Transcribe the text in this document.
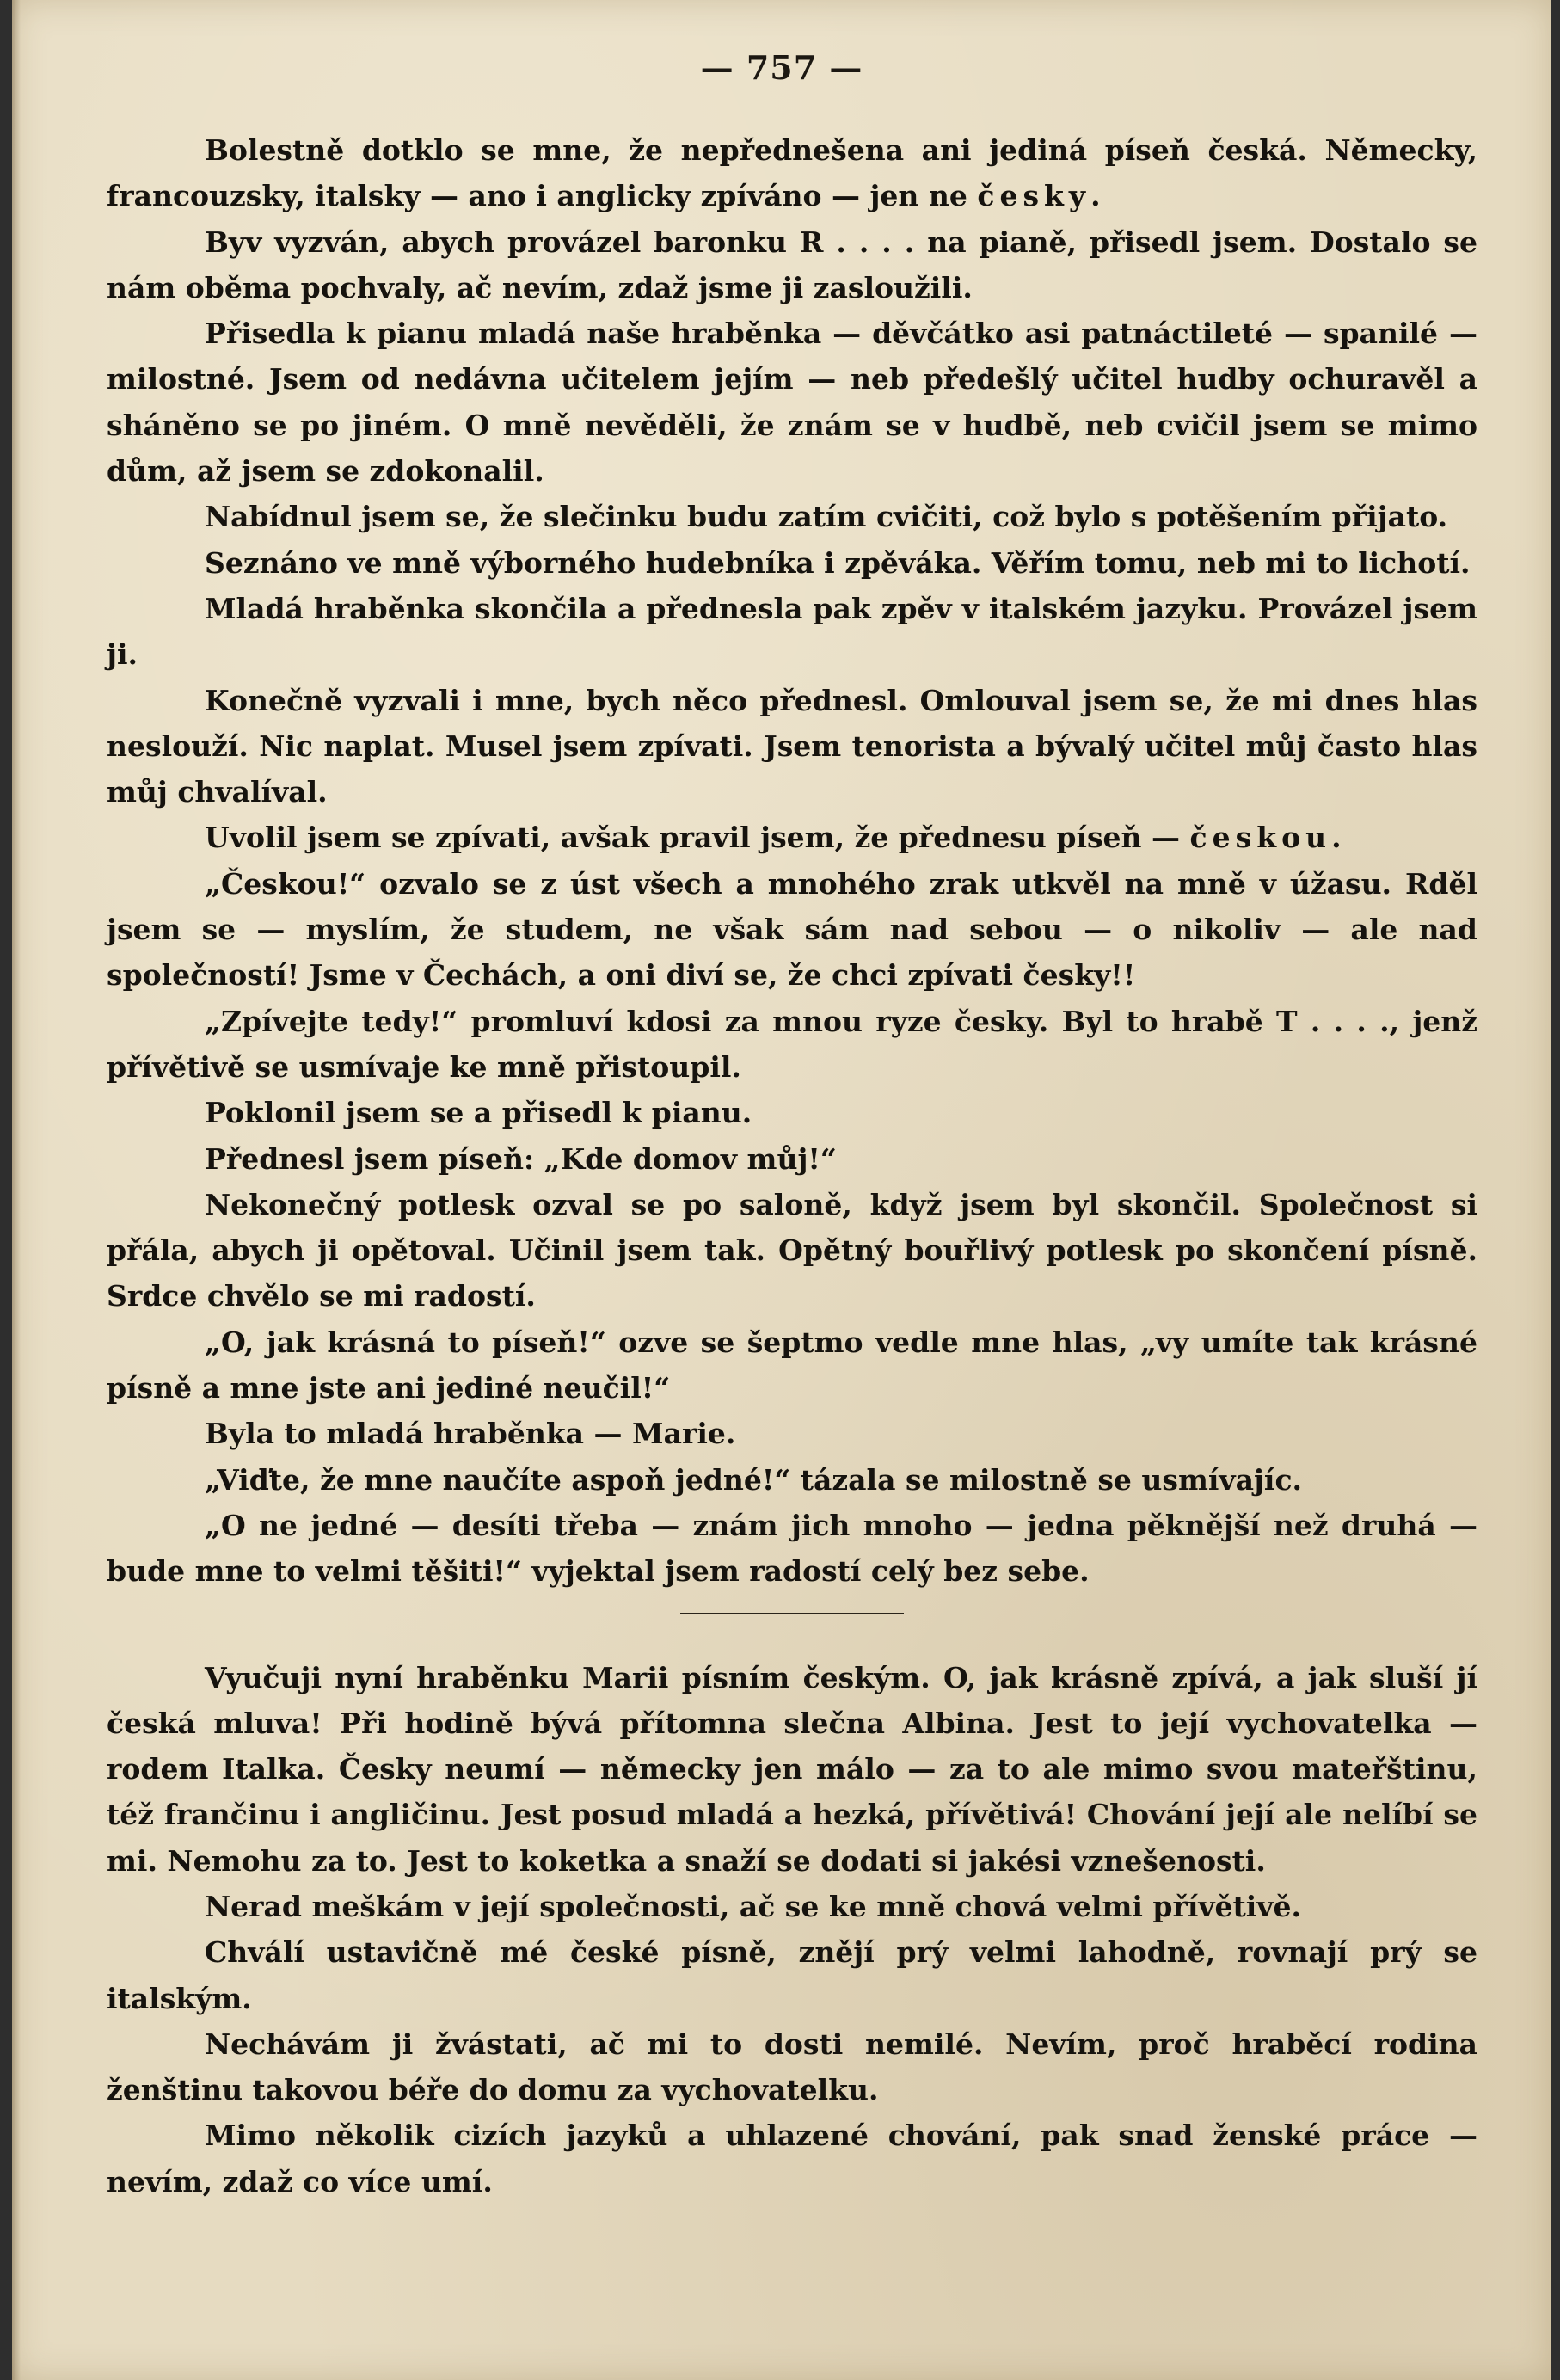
— 757 —

Bolestně dotklo se mne, že nepřednešena ani jediná píseň česká. Německy, francouzsky, italsky — ano i anglicky zpíváno — jen ne česky.

Byv vyzván, abych provázel baronku R . . . . na pianě, přisedl jsem. Dostalo se nám oběma pochvaly, ač nevím, zdaž jsme ji zasloužili.

Přisedla k pianu mladá naše hraběnka — děvčátko asi patnáctileté — spanilé — milostné. Jsem od nedávna učitelem jejím — neb předešlý učitel hudby ochuravěl a sháněno se po jiném. O mně nevěděli, že znám se v hudbě, neb cvičil jsem se mimo dům, až jsem se zdokonalil.

Nabídnul jsem se, že slečinku budu zatím cvičiti, což bylo s potěšením přijato.

Seznáno ve mně výborného hudebníka i zpěváka. Věřím tomu, neb mi to lichotí.

Mladá hraběnka skončila a přednesla pak zpěv v italském jazyku. Provázel jsem ji.

Konečně vyzvali i mne, bych něco přednesl. Omlouval jsem se, že mi dnes hlas neslouží. Nic naplat. Musel jsem zpívati. Jsem tenorista a bývalý učitel můj často hlas můj chvalíval.

Uvolil jsem se zpívati, avšak pravil jsem, že přednesu píseň — českou.

„Českou!“ ozvalo se z úst všech a mnohého zrak utkvěl na mně v úžasu. Rděl jsem se — myslím, že studem, ne však sám nad sebou — o nikoliv — ale nad společností! Jsme v Čechách, a oni diví se, že chci zpívati česky!!

„Zpívejte tedy!“ promluví kdosi za mnou ryze česky. Byl to hrabě T . . . ., jenž přívětivě se usmívaje ke mně přistoupil.

Poklonil jsem se a přisedl k pianu.

Přednesl jsem píseň: „Kde domov můj!“

Nekonečný potlesk ozval se po saloně, když jsem byl skončil. Společnost si přála, abych ji opětoval. Učinil jsem tak. Opětný bouřlivý potlesk po skončení písně. Srdce chvělo se mi radostí.

„O, jak krásná to píseň!“ ozve se šeptmo vedle mne hlas, „vy umíte tak krásné písně a mne jste ani jediné neučil!“

Byla to mladá hraběnka — Marie.

„Viďte, že mne naučíte aspoň jedné!“ tázala se milostně se usmívajíc.

„O ne jedné — desíti třeba — znám jich mnoho — jedna pěknější než druhá — bude mne to velmi těšiti!“ vyjektal jsem radostí celý bez sebe.

Vyučuji nyní hraběnku Marii písním českým. O, jak krásně zpívá, a jak sluší jí česká mluva! Při hodině bývá přítomna slečna Albina. Jest to její vychovatelka — rodem Italka. Česky neumí — německy jen málo — za to ale mimo svou mateřštinu, též frančinu i angličinu. Jest posud mladá a hezká, přívětivá! Chování její ale nelíbí se mi. Nemohu za to. Jest to koketka a snaží se dodati si jakési vznešenosti.

Nerad meškám v její společnosti, ač se ke mně chová velmi přívětivě.

Chválí ustavičně mé české písně, znějí prý velmi lahodně, rovnají prý se italským.

Nechávám ji žvástati, ač mi to dosti nemilé. Nevím, proč hraběcí rodina ženštinu takovou béře do domu za vychovatelku.

Mimo několik cizích jazyků a uhlazené chování, pak snad ženské práce — nevím, zdaž co více umí.
